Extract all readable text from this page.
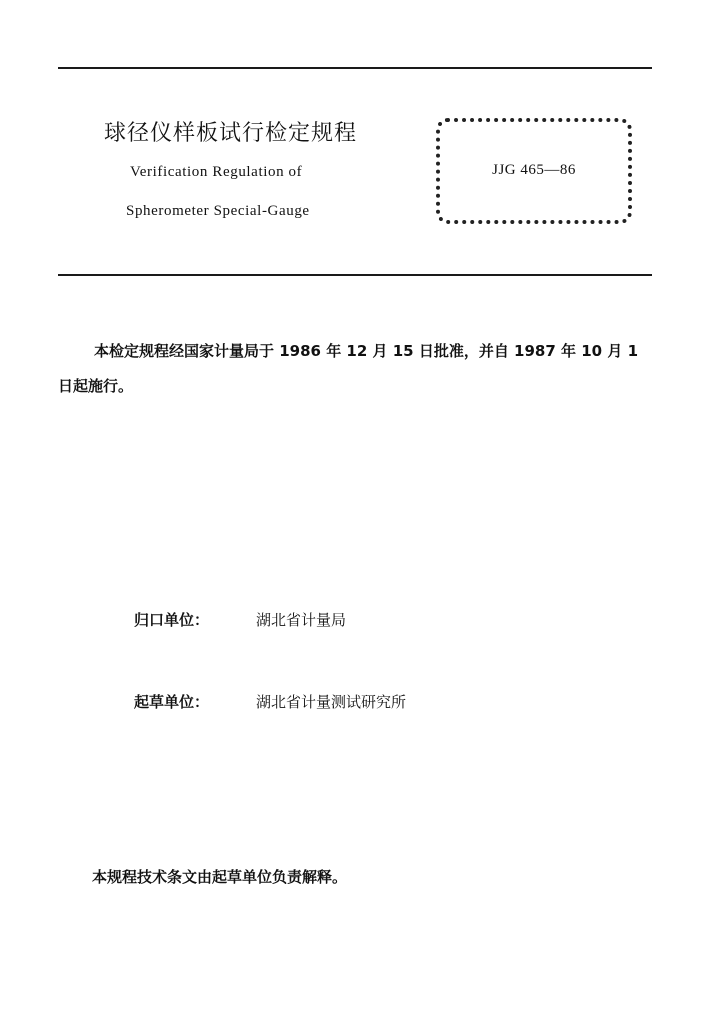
球径仪样板试行检定规程
Verification Regulation of
Spherometer Special-Gauge
JJG 465—86
本检定规程经国家计量局于 1986 年 12 月 15 日批准，并自 1987 年 10 月 1 日起施行。
归口单位：	湖北省计量局
起草单位：	湖北省计量测试研究所
本规程技术条文由起草单位负责解释。
